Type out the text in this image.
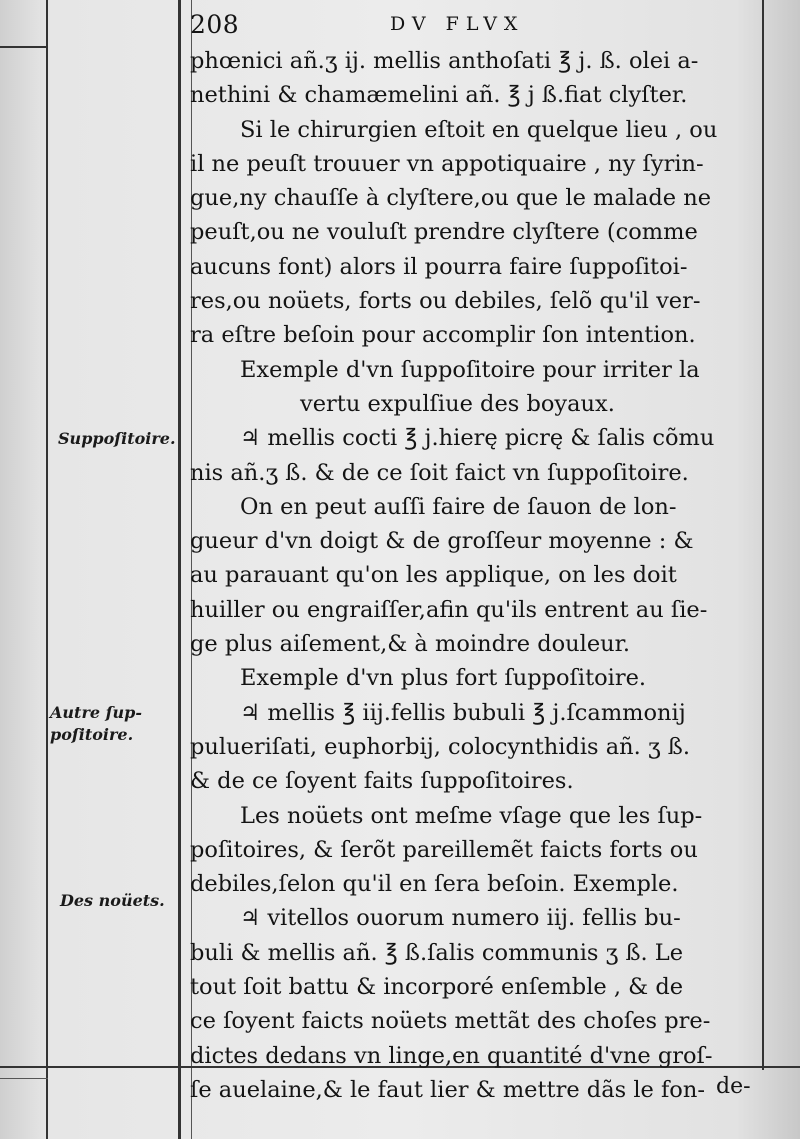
208	DV FLVX
phœnici añ.ʒ ij. mellis anthoſati ℥ j. ß. olei a-
nethini & chamæmelini añ. ℥ j ß.fiat clyſter.
Si le chirurgien eſtoit en quelque lieu , ou
il ne peuſt trouuer vn appotiquaire , ny ſyrin-
gue,ny chauſſe à clyſtere,ou que le malade ne
peuſt,ou ne vouluſt prendre clyſtere (comme
aucuns font) alors il pourra faire ſuppoſitoi-
res,ou noüets, forts ou debiles, ſelõ qu'il ver-
ra eſtre beſoin pour accomplir ſon intention.
Exemple d'vn ſuppoſitoire pour irriter la
vertu expulſiue des boyaux.
♃ mellis cocti ℥ j.hierę picrę & ſalis cõmu
nis añ.ʒ ß. & de ce ſoit faict vn ſuppoſitoire.
On en peut auſſi faire de ſauon de lon-
gueur d'vn doigt & de groſſeur moyenne : &
au parauant qu'on les applique, on les doit
huiller ou engraiſſer,afin qu'ils entrent au ſie-
ge plus aiſement,& à moindre douleur.
Exemple d'vn plus fort ſuppoſitoire.
♃ mellis ℥ iij.fellis bubuli ℥ j.ſcammonij
pulueriſati, euphorbij, colocynthidis añ. ʒ ß.
& de ce ſoyent faits ſuppoſitoires.
Les noüets ont meſme vſage que les ſup-
poſitoires, & ſerõt pareillemẽt faicts forts ou
debiles,ſelon qu'il en ſera beſoin. Exemple.
♃ vitellos ouorum numero iij. fellis bu-
buli & mellis añ. ℥ ß.ſalis communis ʒ ß. Le
tout ſoit battu & incorporé enſemble , & de
ce ſoyent faicts noüets mettãt des choſes pre-
dictes dedans vn linge,en quantité d'vne groſ-
ſe auelaine,& le faut lier & mettre dãs le fon-
Suppoſitoire.
Autre ſup-
poſitoire.
Des noüets.
de-
